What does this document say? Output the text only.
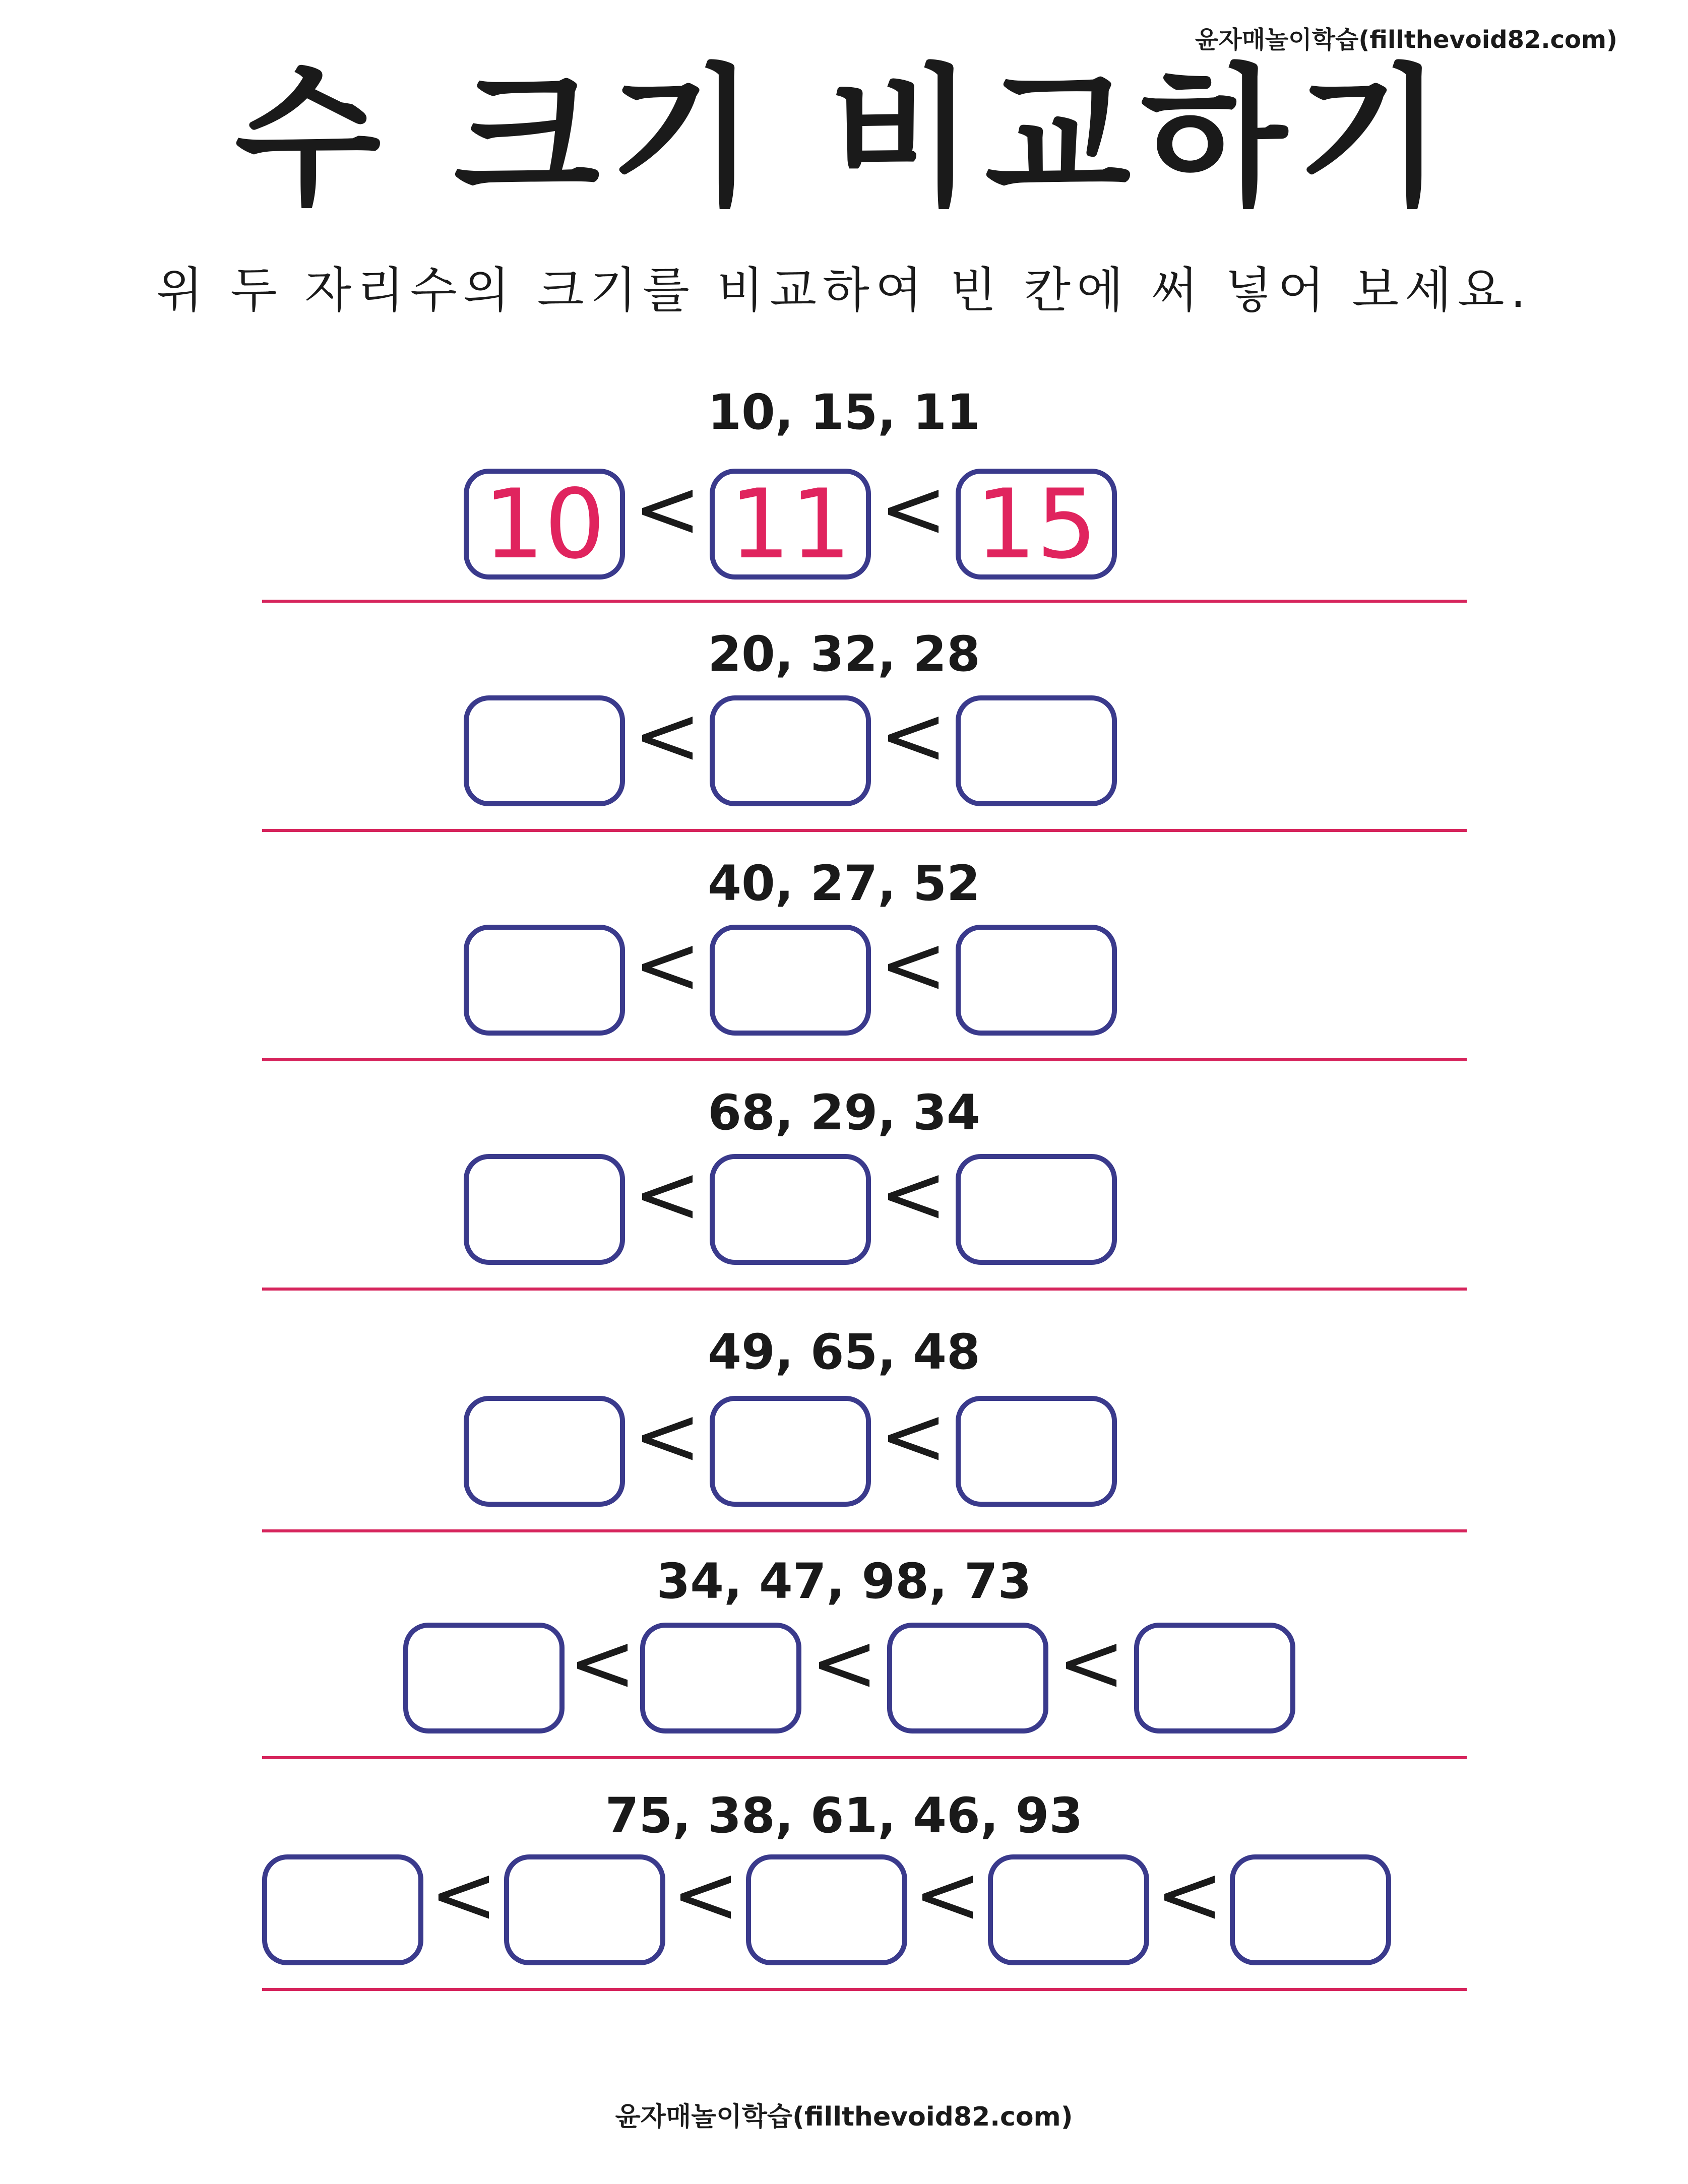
윤자매놀이학습(fillthevoid82.com)
수 크기 비교하기
위 두 자리수의 크기를 비교하여 빈 칸에 써 넣어 보세요.
10, 15, 11
10 < 11 < 15
20, 32, 28
< <
40, 27, 52
< <
68, 29, 34
< <
49, 65, 48
< <
34, 47, 98, 73
< < <
75, 38, 61, 46, 93
< < < <
윤자매놀이학습(fillthevoid82.com)
